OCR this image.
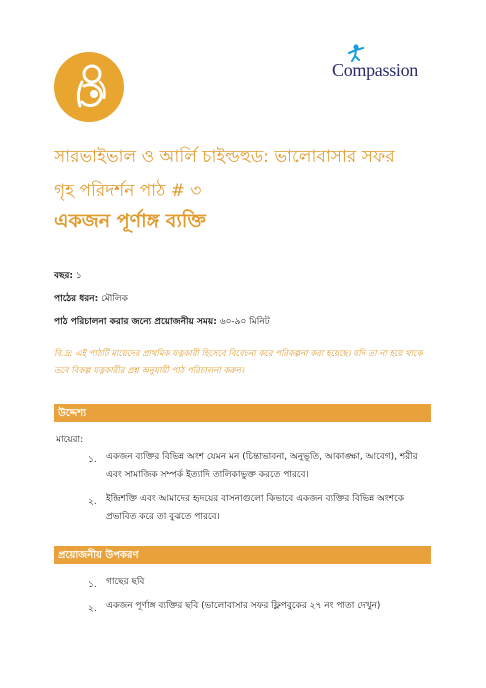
Compassion
সারভাইভাল ও আর্লি চাইল্ডহুড: ভালোবাসার সফর
গৃহ পরিদর্শন পাঠ # ৩
একজন পূর্ণাঙ্গ ব্যক্তি
বছর: ১
পাঠের ধরন: মৌলিক
পাঠ পরিচালনা করার জন্যে প্রয়োজনীয় সময়: ৬০-৯০ মিনিট
বি.দ্র: এই পাঠটি মায়েদের প্রাথমিক যত্নকারী হিসেবে বিবেচনা করে পরিকল্পনা করা হয়েছে। যদি তা না হয়ে থাকে তবে বিকল্প যত্নকারীর প্রশ্ন অনুযায়ী পাঠ পরিচালনা করুন।
উদ্দেশ্য
মায়েরা:
১. একজন ব্যক্তির বিভিন্ন অংশ যেমন মন (চিন্তাভাবনা, অনুভূতি, আকাঙ্ক্ষা, আবেগ), শরীর এবং সামাজিক সম্পর্ক ইত্যাদি তালিকাভুক্ত করতে পারবে।
২. ইন্দ্রিশক্তি এবং আমাদের হৃদয়ের বাসনাগুলো কিভাবে একজন ব্যক্তির বিভিন্ন অংশকে প্রভাবিত করে তা বুঝতে পারবে।
প্রয়োজনীয় উপকরণ
১. গাছের ছবি
২. একজন পূর্ণাঙ্গ ব্যক্তির ছবি (ভালোবাসার সফর ফ্লিপবুকের ২৭ নং পাতা দেখুন)
